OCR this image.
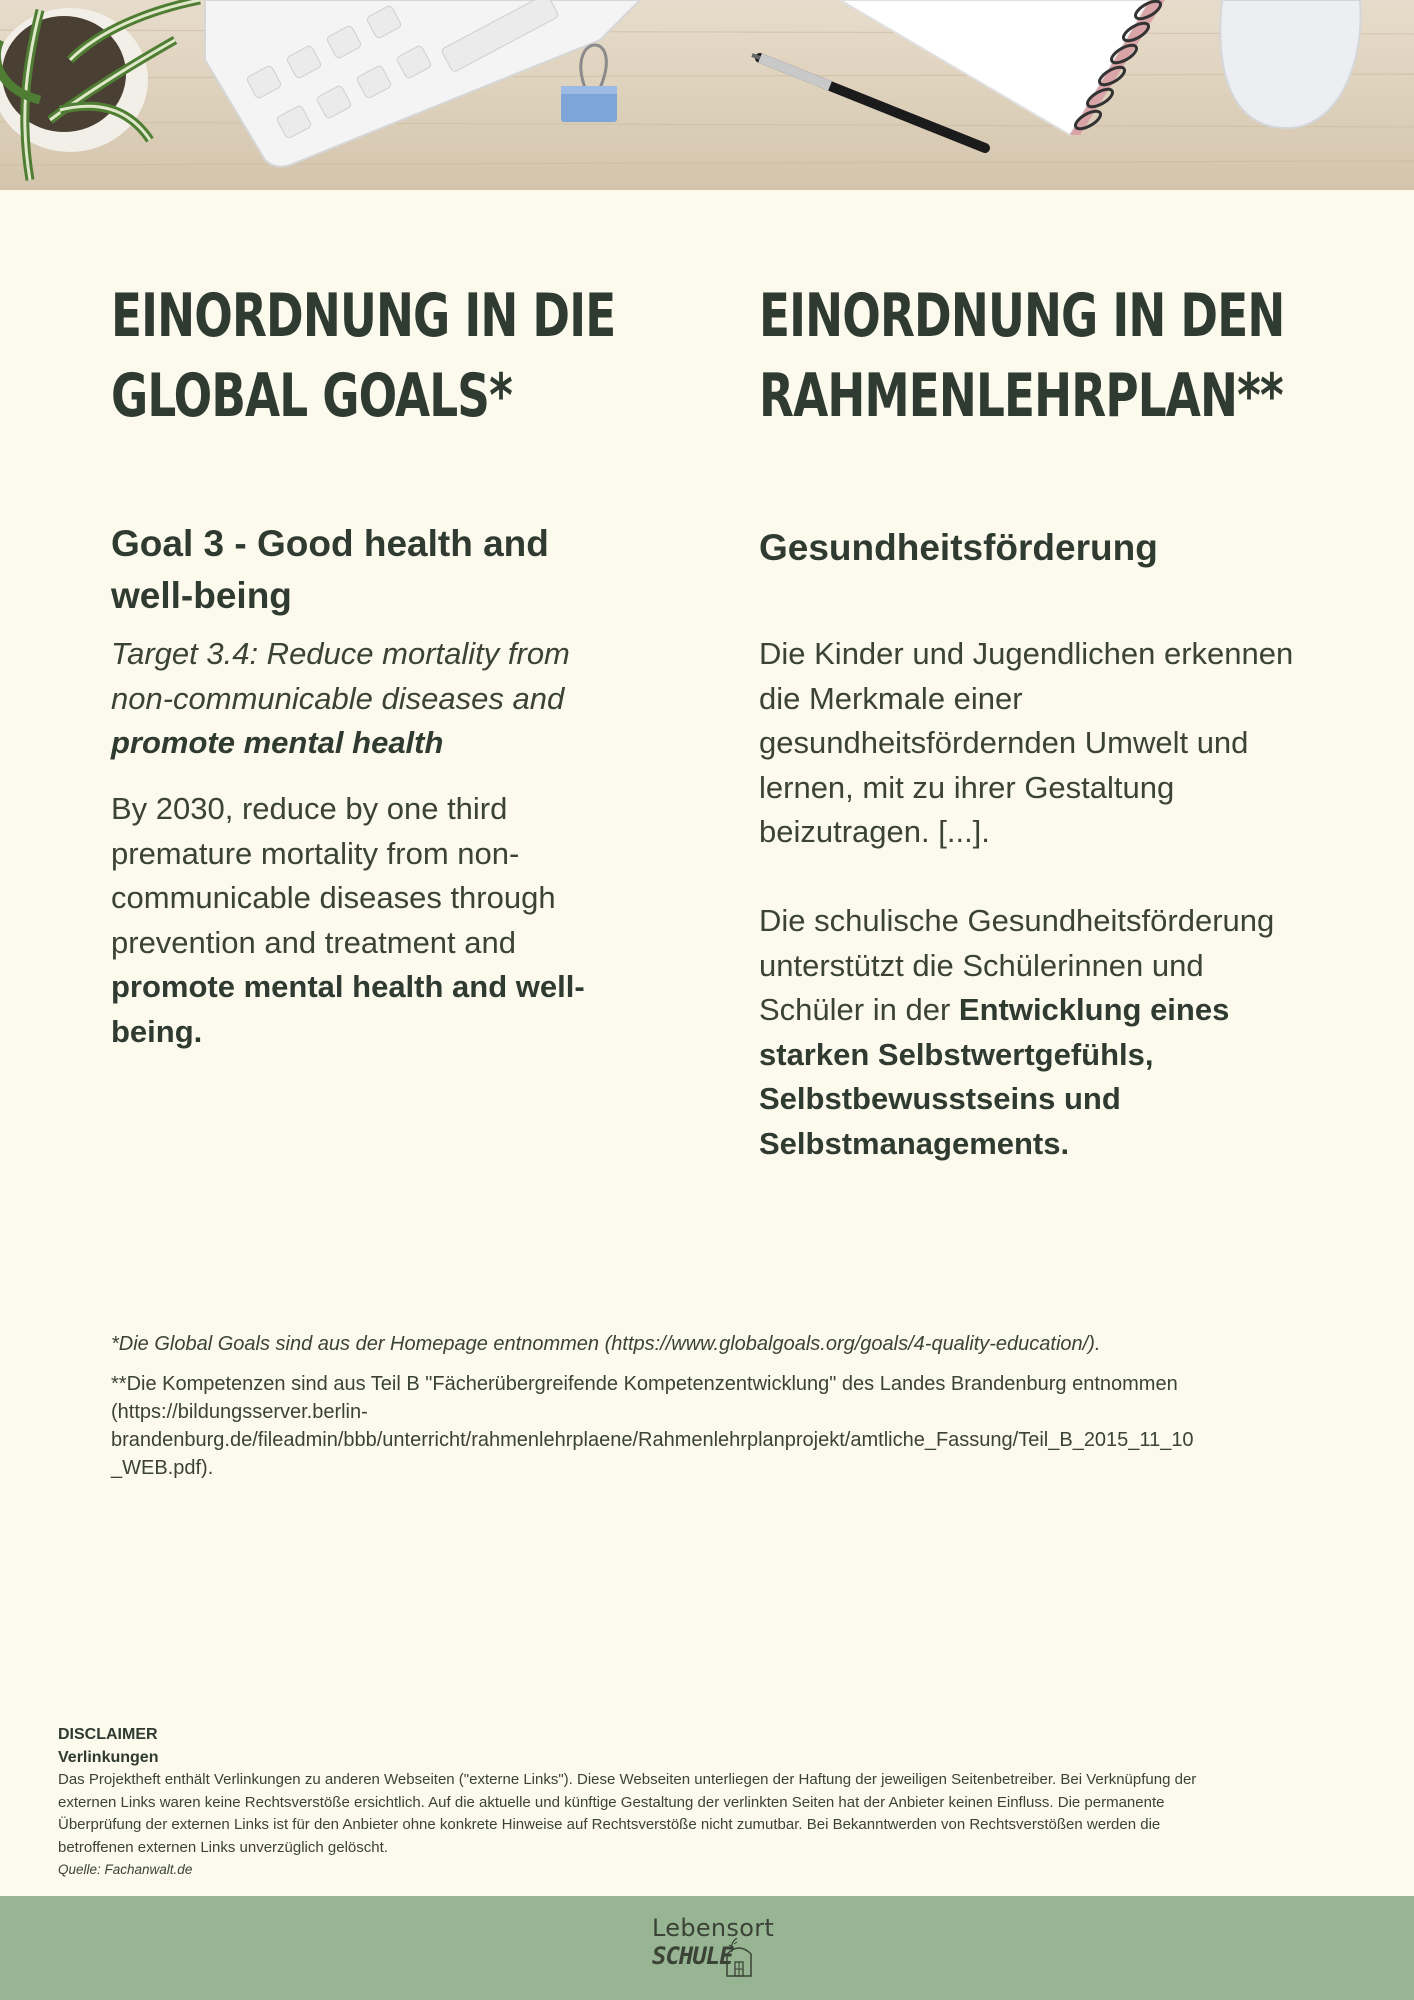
EINORDNUNG IN DIE
GLOBAL GOALS*
Goal 3 - Good health and
well-being
Target 3.4: Reduce mortality from
non-communicable diseases and
promote mental health
By 2030, reduce by one third
premature mortality from non-
communicable diseases through
prevention and treatment and
promote mental health and well-
being.
EINORDNUNG IN DEN
RAHMENLEHRPLAN**
Gesundheitsförderung
Die Kinder und Jugendlichen erkennen
die Merkmale einer
gesundheitsfördernden Umwelt und
lernen, mit zu ihrer Gestaltung
beizutragen. [...].
Die schulische Gesundheitsförderung
unterstützt die Schülerinnen und
Schüler in der Entwicklung eines
starken Selbstwertgefühls,
Selbstbewusstseins und
Selbstmanagements.

*Die Global Goals sind aus der Homepage entnommen (https://www.globalgoals.org/goals/4-quality-education/).

**Die Kompetenzen sind aus Teil B "Fächerübergreifende Kompetenzentwicklung" des Landes Brandenburg entnommen
(https://bildungsserver.berlin-
brandenburg.de/fileadmin/bbb/unterricht/rahmenlehrplaene/Rahmenlehrplanprojekt/amtliche_Fassung/Teil_B_2015_11_10
_WEB.pdf).
DISCLAIMER
Verlinkungen
Das Projektheft enthält Verlinkungen zu anderen Webseiten ("externe Links"). Diese Webseiten unterliegen der Haftung der jeweiligen Seitenbetreiber. Bei Verknüpfung der
externen Links waren keine Rechtsverstöße ersichtlich. Auf die aktuelle und künftige Gestaltung der verlinkten Seiten hat der Anbieter keinen Einfluss. Die permanente
Überprüfung der externen Links ist für den Anbieter ohne konkrete Hinweise auf Rechtsverstöße nicht zumutbar. Bei Bekanntwerden von Rechtsverstößen werden die
betroffenen externen Links unverzüglich gelöscht.
Quelle: Fachanwalt.de
Lebensort
SCHULE
